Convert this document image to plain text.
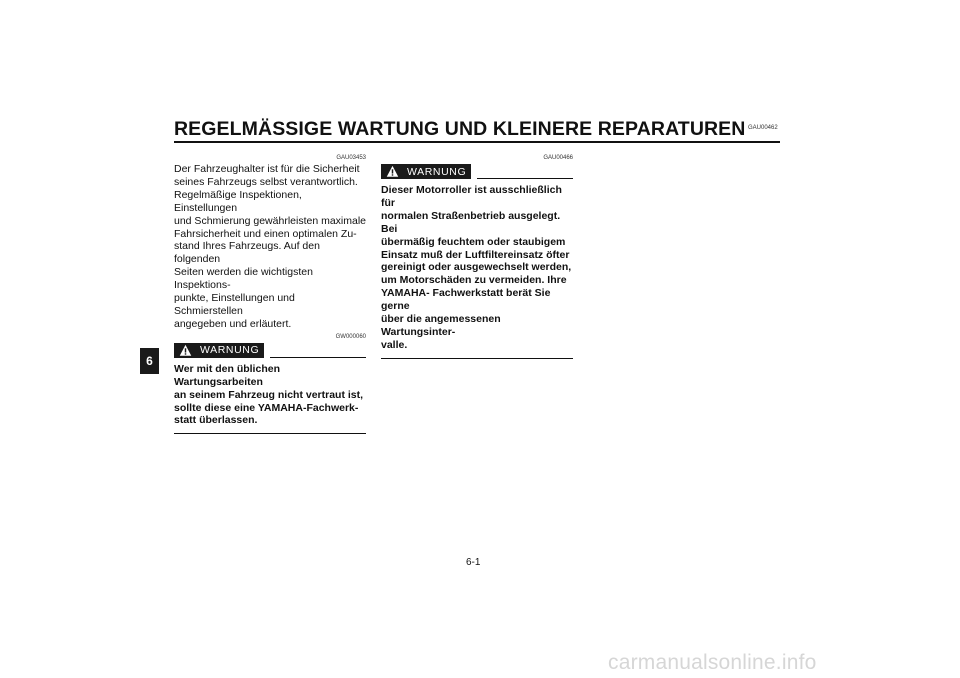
REGELMÄSSIGE WARTUNG UND KLEINERE REPARATUREN GAU00462
6
GAU03453

Der Fahrzeughalter ist für die Sicherheit
seines Fahrzeugs selbst verantwortlich.
Regelmäßige Inspektionen, Einstellungen
und Schmierung gewährleisten maximale
Fahrsicherheit und einen optimalen Zu-
stand Ihres Fahrzeugs. Auf den folgenden
Seiten werden die wichtigsten Inspektions-
punkte, Einstellungen und Schmierstellen
angegeben und erläutert.

GW000060
WARNUNG

Wer mit den üblichen Wartungsarbeiten
an seinem Fahrzeug nicht vertraut ist,
sollte diese eine YAMAHA-Fachwerk-
statt überlassen.

GAU00466
WARNUNG

Dieser Motorroller ist ausschließlich für
normalen Straßenbetrieb ausgelegt. Bei
übermäßig feuchtem oder staubigem
Einsatz muß der Luftfiltereinsatz öfter
gereinigt oder ausgewechselt werden,
um Motorschäden zu vermeiden. Ihre
YAMAHA- Fachwerkstatt berät Sie gerne
über die angemessenen Wartungsinter-
valle.

6-1
carmanualsonline.info
